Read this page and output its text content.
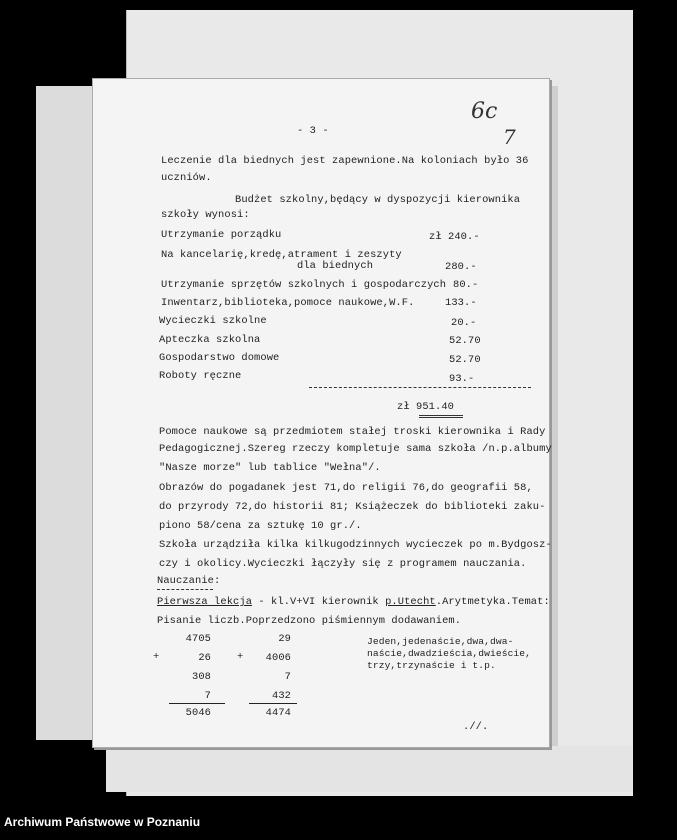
- 3 -
6c
7
Leczenie dla biednych jest zapewnione.Na koloniach było 36
uczniów.
Budżet szkolny,będący w dyspozycji kierownika
szkoły wynosi:
Utrzymanie porządku	zł 240.-
Na kancelarię,kredę,atrament i zeszyty
dla biednych	280.-
Utrzymanie sprzętów szkolnych i gospodarczych 80.-
Inwentarz,biblioteka,pomoce naukowe,W.F.	133.-
Wycieczki szkolne	20.-
Apteczka szkolna	52.70
Gospodarstwo domowe	52.70
Roboty ręczne	93.-
zł 951.40
Pomoce naukowe są przedmiotem stałej troski kierownika i Rady
Pedagogicznej.Szereg rzeczy kompletuje sama szkoła /n.p.albumy
"Nasze morze" lub tablice "Wełna"/.
Obrazów do pogadanek jest 71,do religii 76,do geografii 58,
do przyrody 72,do historii 81; Książeczek do biblioteki zaku-
piono 58/cena za sztukę 10 gr./.
Szkoła urządziła kilka kilkugodzinnych wycieczek po m.Bydgosz-
czy i okolicy.Wycieczki łączyły się z programem nauczania.
Nauczanie:
Pierwsza lekcja - kl.V+VI kierownik p.Utecht.Arytmetyka.Temat:
Pisanie liczb.Poprzedzono piśmiennym dodawaniem.
4705
+	26
308
7
5046
29
+	4006
7
432
4474
Jeden,jedenaście,dwa,dwa-
naście,dwadzieścia,dwieście,
trzy,trzynaście i t.p.
.//.
Archiwum Państwowe w Poznaniu
